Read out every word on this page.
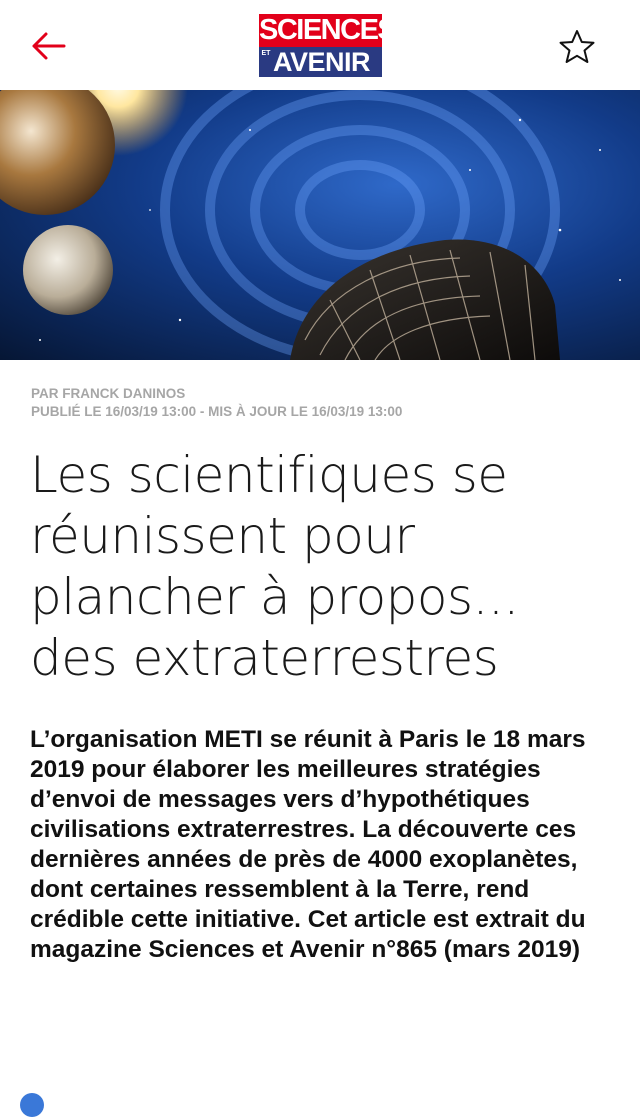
SCIENCES
ET AVENIR
PAR FRANCK DANINOS
PUBLIÉ LE 16/03/19 13:00 - MIS À JOUR LE 16/03/19 13:00
Les scientifiques se réunissent pour plancher à propos... des extraterrestres

L’organisation METI se réunit à Paris le 18 mars 2019 pour élaborer les meilleures stratégies d’envoi de messages vers d’hypothétiques civilisations extraterrestres. La découverte ces dernières années de près de 4000 exoplanètes, dont certaines ressemblent à la Terre, rend crédible cette initiative. Cet article est extrait du magazine Sciences et Avenir n°865 (mars 2019)
